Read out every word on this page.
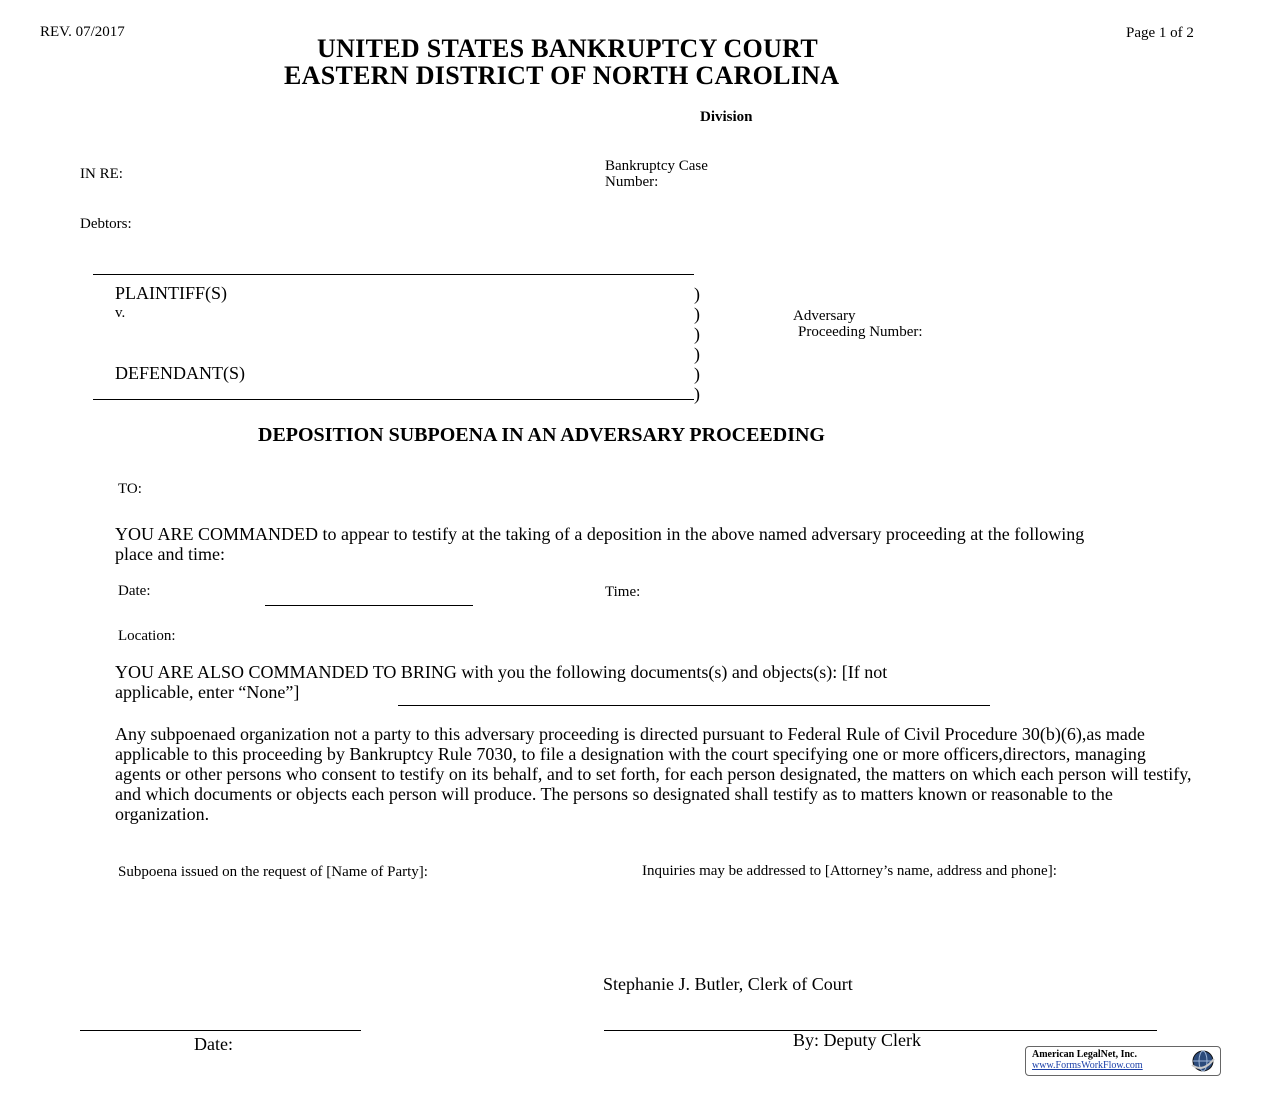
REV. 07/2017	Page 1 of 2
UNITED STATES BANKRUPTCY COURT
EASTERN DISTRICT OF NORTH CAROLINA
Division
IN RE:	Bankruptcy Case
Number:
Debtors:
PLAINTIFF(S)
v.
DEFENDANT(S)
)
)
)
)
)
)
Adversary
Proceeding Number:
DEPOSITION SUBPOENA IN AN ADVERSARY PROCEEDING
TO:
YOU ARE COMMANDED to appear to testify at the taking of a deposition in the above named adversary proceeding at the following place and time:
Date:	Time:
Location:
YOU ARE ALSO COMMANDED TO BRING with you the following documents(s) and objects(s): [If not
applicable, enter “None”]
Any subpoenaed organization not a party to this adversary proceeding is directed pursuant to Federal Rule of Civil Procedure 30(b)(6),as made applicable to this proceeding by Bankruptcy Rule 7030, to file a designation with the court specifying one or more officers,directors, managing agents or other persons who consent to testify on its behalf, and to set forth, for each person designated, the matters on which each person will testify, and which documents or objects each person will produce. The persons so designated shall testify as to matters known or reasonable to the organization.
Subpoena issued on the request of [Name of Party]:	Inquiries may be addressed to [Attorney’s name, address and phone]:
Stephanie J. Butler, Clerk of Court
Date:	By: Deputy Clerk
American LegalNet, Inc.
www.FormsWorkFlow.com
